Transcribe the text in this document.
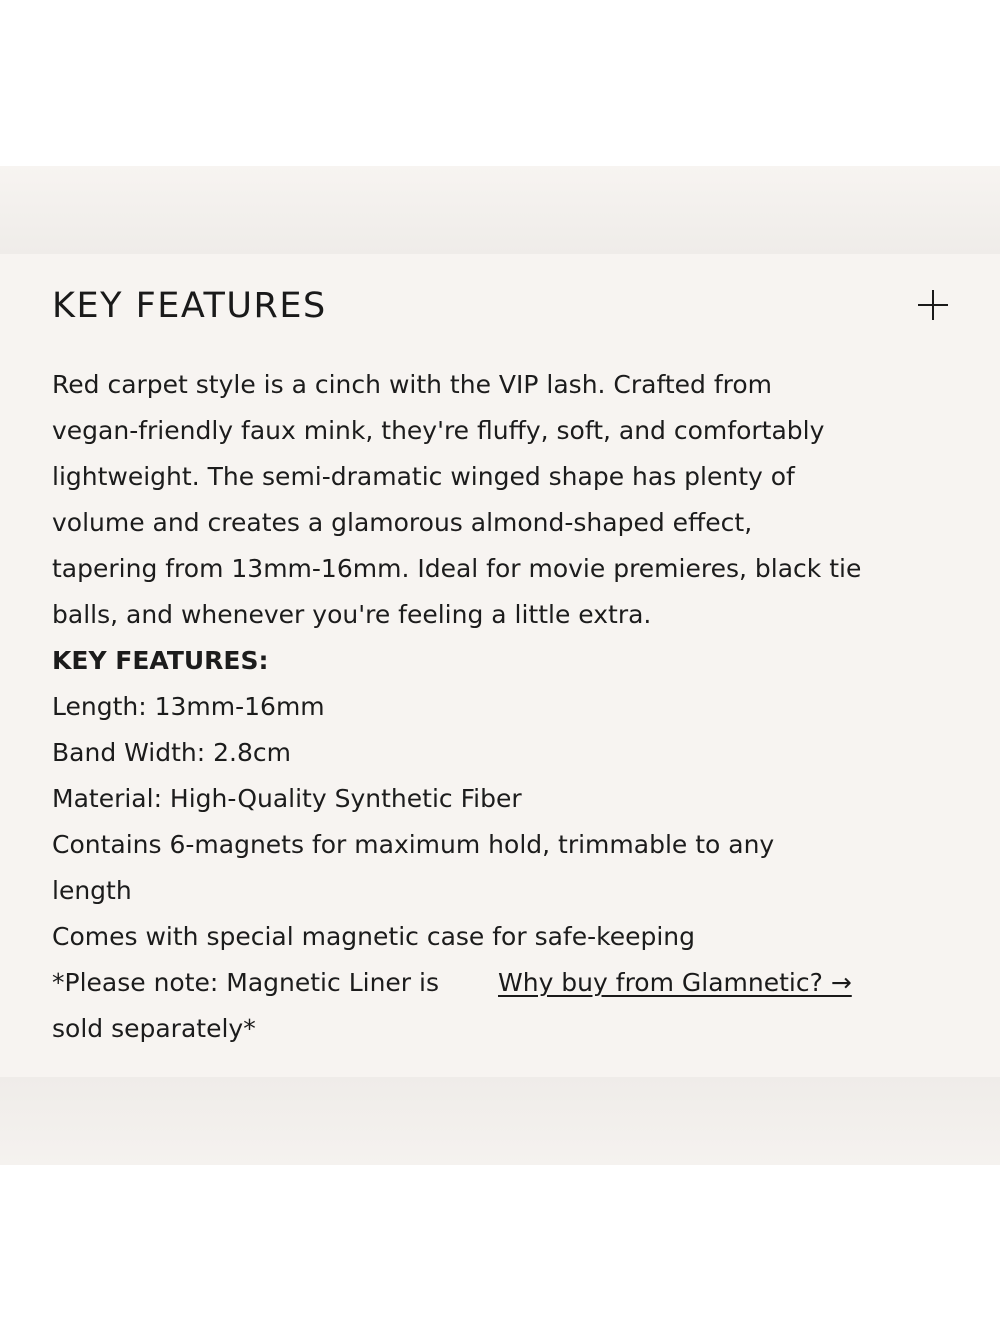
KEY FEATURES

Red carpet style is a cinch with the VIP lash. Crafted from

vegan-friendly faux mink, they're fluffy, soft, and comfortably

lightweight. The semi-dramatic winged shape has plenty of

volume and creates a glamorous almond-shaped effect,

tapering from 13mm-16mm. Ideal for movie premieres, black tie

balls, and whenever you're feeling a little extra.

KEY FEATURES:

Length: 13mm-16mm

Band Width: 2.8cm

Material: High-Quality Synthetic Fiber

Contains 6-magnets for maximum hold, trimmable to any

length

Comes with special magnetic case for safe-keeping

*Please note: Magnetic Liner is Why buy from Glamnetic? →

sold separately*
